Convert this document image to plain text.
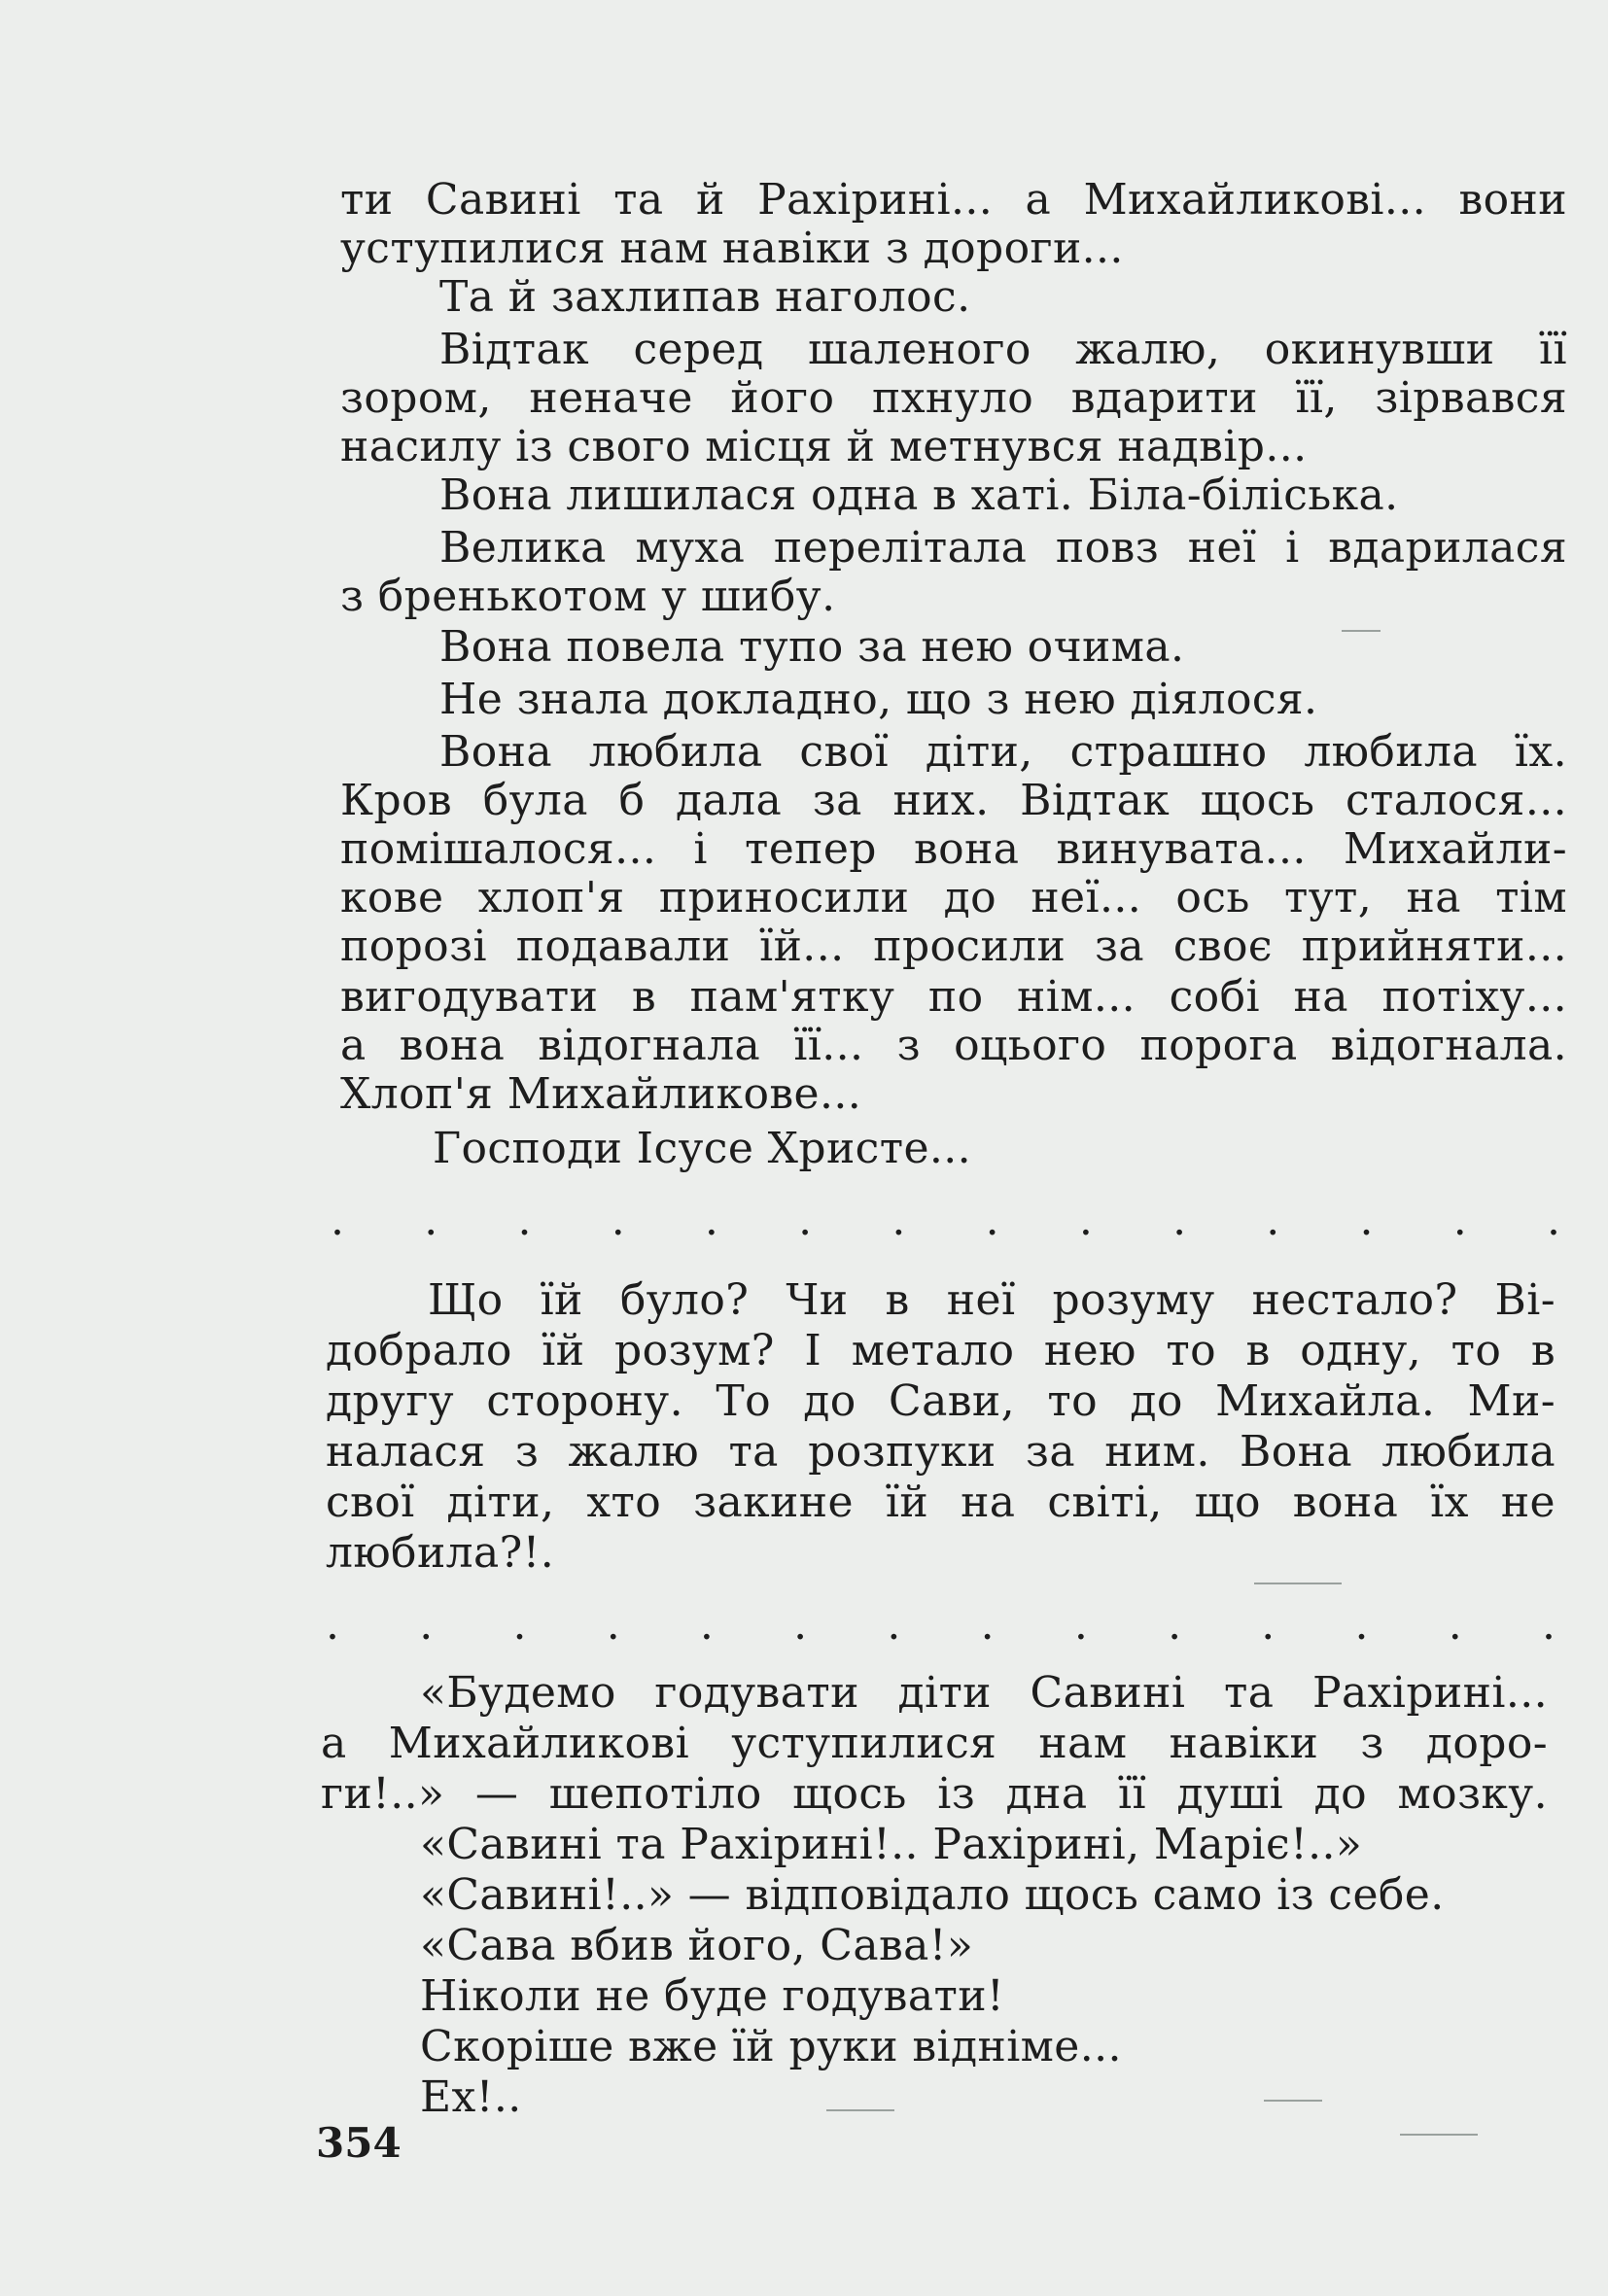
ти Савині та й Рахірині... а Михайликові... вони
уступилися нам навіки з дороги...
Та й захлипав наголос.
Відтак серед шаленого жалю, окинувши її
зором, неначе його пхнуло вдарити її, зірвався
насилу із свого місця й метнувся надвір...
Вона лишилася одна в хаті. Біла-біліська.
Велика муха перелітала повз неї і вдарилася
з бренькотом у шибу.
Вона повела тупо за нею очима.
Не знала докладно, що з нею діялося.
Вона любила свої діти, страшно любила їх.
Кров була б дала за них. Відтак щось сталося...
помішалося... і тепер вона винувата... Михайли-
кове хлоп'я приносили до неї... ось тут, на тім
порозі подавали їй... просили за своє прийняти...
вигодувати в пам'ятку по нім... собі на потіху...
а вона відогнала її... з оцього порога відогнала.
Хлоп'я Михайликове...
Господи Ісусе Христе...
. . . . . . . . . . . . . .
Що їй було? Чи в неї розуму нестало? Ві-
добрало їй розум? І метало нею то в одну, то в
другу сторону. То до Сави, то до Михайла. Ми-
налася з жалю та розпуки за ним. Вона любила
свої діти, хто закине їй на світі, що вона їх не
любила?!.
. . . . . . . . . . . . . .
«Будемо годувати діти Савині та Рахірині...
а Михайликові уступилися нам навіки з доро-
ги!..» — шепотіло щось із дна її душі до мозку.
«Савині та Рахірині!.. Рахірині, Маріє!..»
«Савині!..» — відповідало щось само із себе.
«Сава вбив його, Сава!»
Ніколи не буде годувати!
Скоріше вже їй руки відніме...
Ех!..
354
